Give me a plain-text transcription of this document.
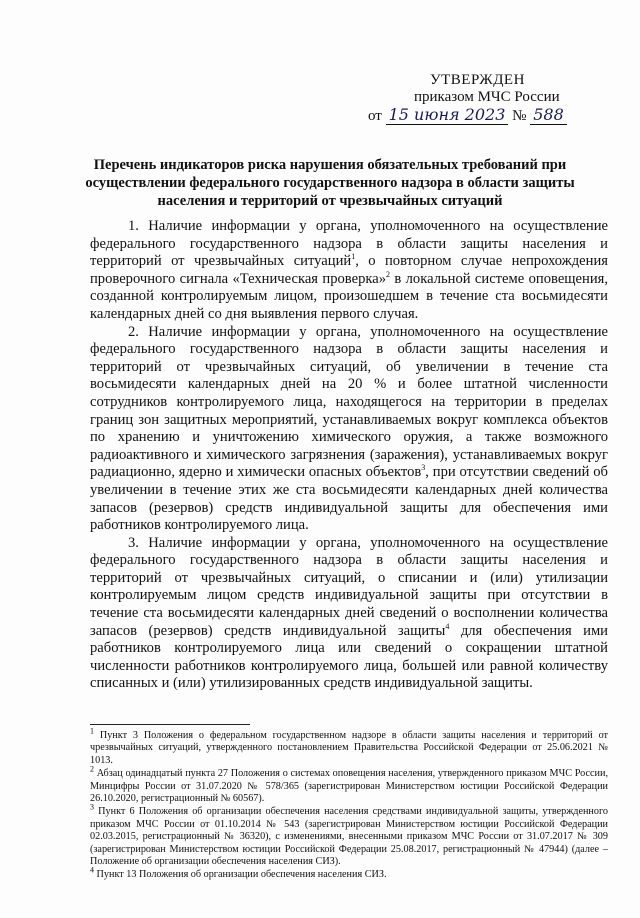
УТВЕРЖДЕН
приказом МЧС России
от 15 июня 2023 № 588
Перечень индикаторов риска нарушения обязательных требований при осуществлении федерального государственного надзора в области защиты населения и территорий от чрезвычайных ситуаций

1. Наличие информации у органа, уполномоченного на осуществление федерального государственного надзора в области защиты населения и территорий от чрезвычайных ситуаций$^1$, о повторном случае непрохождения проверочного сигнала «Техническая проверка»$^2$ в локальной системе оповещения, созданной контролируемым лицом, произошедшем в течение ста восьмидесяти календарных дней со дня выявления первого случая.

2. Наличие информации у органа, уполномоченного на осуществление федерального государственного надзора в области защиты населения и территорий от чрезвычайных ситуаций, об увеличении в течение ста восьмидесяти календарных дней на 20 % и более штатной численности сотрудников контролируемого лица, находящегося на территории в пределах границ зон защитных мероприятий, устанавливаемых вокруг комплекса объектов по хранению и уничтожению химического оружия, а также возможного радиоактивного и химического загрязнения (заражения), устанавливаемых вокруг радиационно, ядерно и химически опасных объектов$^3$, при отсутствии сведений об увеличении в течение этих же ста восьмидесяти календарных дней количества запасов (резервов) средств индивидуальной защиты для обеспечения ими работников контролируемого лица.

3. Наличие информации у органа, уполномоченного на осуществление федерального государственного надзора в области защиты населения и территорий от чрезвычайных ситуаций, о списании и (или) утилизации контролируемым лицом средств индивидуальной защиты при отсутствии в течение ста восьмидесяти календарных дней сведений о восполнении количества запасов (резервов) средств индивидуальной защиты$^4$ для обеспечения ими работников контролируемого лица или сведений о сокращении штатной численности работников контролируемого лица, большей или равной количеству списанных и (или) утилизированных средств индивидуальной защиты.

$^1$ Пункт 3 Положения о федеральном государственном надзоре в области защиты населения и территорий от чрезвычайных ситуаций, утвержденного постановлением Правительства Российской Федерации от 25.06.2021 № 1013.

$^2$ Абзац одинадцатый пункта 27 Положения о системах оповещения населения, утвержденного приказом МЧС России, Минцифры России от 31.07.2020 № 578/365 (зарегистрирован Министерством юстиции Российской Федерации 26.10.2020, регистрационный № 60567).

$^3$ Пункт 6 Положения об организации обеспечения населения средствами индивидуальной защиты, утвержденного приказом МЧС России от 01.10.2014 № 543 (зарегистрирован Министерством юстиции Российской Федерации 02.03.2015, регистрационный № 36320), с изменениями, внесенными приказом МЧС России от 31.07.2017 № 309 (зарегистрирован Министерством юстиции Российской Федерации 25.08.2017, регистрационный № 47944) (далее – Положение об организации обеспечения населения СИЗ).

$^4$ Пункт 13 Положения об организации обеспечения населения СИЗ.
